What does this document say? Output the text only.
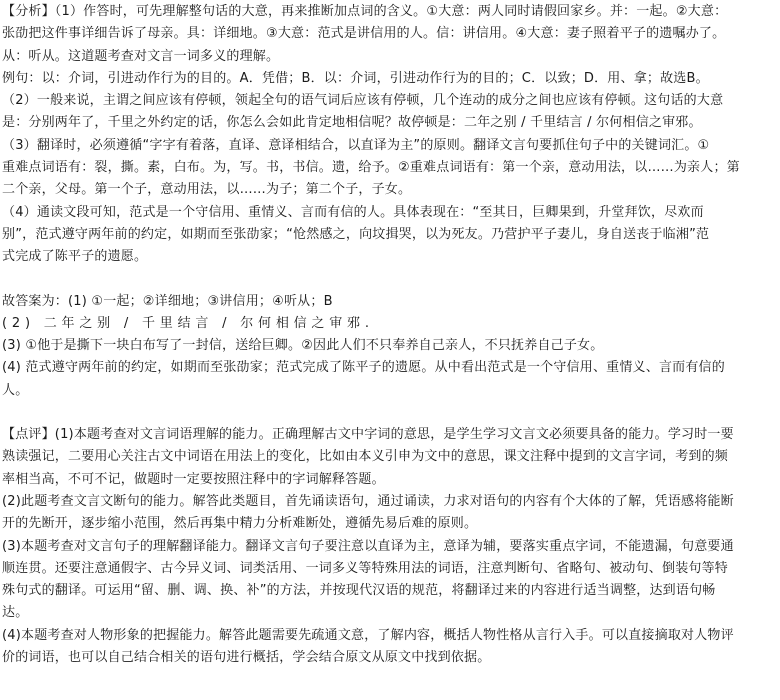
【分析】（1）作答时，可先理解整句话的大意，再来推断加点词的含义。①大意：两人同时请假回家乡。并：一起。②大意：
张劭把这件事详细告诉了母亲。具：详细地。③大意：范式是讲信用的人。信：讲信用。④大意：妻子照着平子的遗嘱办了。
从：听从。这道题考查对文言一词多义的理解。
例句：以：介词，引进动作行为的目的。A．凭借；B．以：介词，引进动作行为的目的；C．以致；D．用、拿；故选B。
（2）一般来说，主谓之间应该有停顿，领起全句的语气词后应该有停顿，几个连动的成分之间也应该有停顿。这句话的大意
是：分别两年了，千里之外约定的话，你怎么会如此肯定地相信呢？故停顿是：二年之别 / 千里结言 / 尔何相信之审邪。
（3）翻译时，必须遵循“字字有着落，直译、意译相结合，以直译为主”的原则。翻译文言句要抓住句子中的关键词汇。①
重难点词语有：裂，撕。素，白布。为，写。书，书信。遗，给予。②重难点词语有：第一个亲，意动用法，以……为亲人；第
二个亲，父母。第一个子，意动用法，以……为子；第二个子，子女。
（4）通读文段可知，范式是一个守信用、重情义、言而有信的人。具体表现在：“至其日，巨卿果到，升堂拜饮，尽欢而
别”，范式遵守两年前的约定，如期而至张劭家；“怆然感之，向坟揖哭，以为死友。乃营护平子妻儿，身自送丧于临湘”范
式完成了陈平子的遗愿。
故答案为：(1) ①一起；②详细地；③讲信用；④听从；B
(2) 二年之别 / 千里结言 / 尔何相信之审邪.
(3) ①他于是撕下一块白布写了一封信，送给巨卿。②因此人们不只奉养自己亲人，不只抚养自己子女。
(4) 范式遵守两年前的约定，如期而至张劭家；范式完成了陈平子的遗愿。从中看出范式是一个守信用、重情义、言而有信的
人。
【点评】(1)本题考查对文言词语理解的能力。正确理解古文中字词的意思，是学生学习文言文必须要具备的能力。学习时一要
熟读强记，二要用心关注古文中词语在用法上的变化，比如由本义引申为文中的意思，课文注释中提到的文言字词，考到的频
率相当高，不可不记，做题时一定要按照注释中的字词解释答题。
(2)此题考查文言文断句的能力。解答此类题目，首先诵读语句，通过诵读，力求对语句的内容有个大体的了解，凭语感将能断
开的先断开，逐步缩小范围，然后再集中精力分析难断处，遵循先易后难的原则。
(3)本题考查对文言句子的理解翻译能力。翻译文言句子要注意以直译为主，意译为辅，要落实重点字词，不能遗漏，句意要通
顺连贯。还要注意通假字、古今异义词、词类活用、一词多义等特殊用法的词语，注意判断句、省略句、被动句、倒装句等特
殊句式的翻译。可运用“留、删、调、换、补”的方法，并按现代汉语的规范，将翻译过来的内容进行适当调整，达到语句畅
达。
(4)本题考查对人物形象的把握能力。解答此题需要先疏通文意，了解内容，概括人物性格从言行入手。可以直接摘取对人物评
价的词语，也可以自己结合相关的语句进行概括，学会结合原文从原文中找到依据。
